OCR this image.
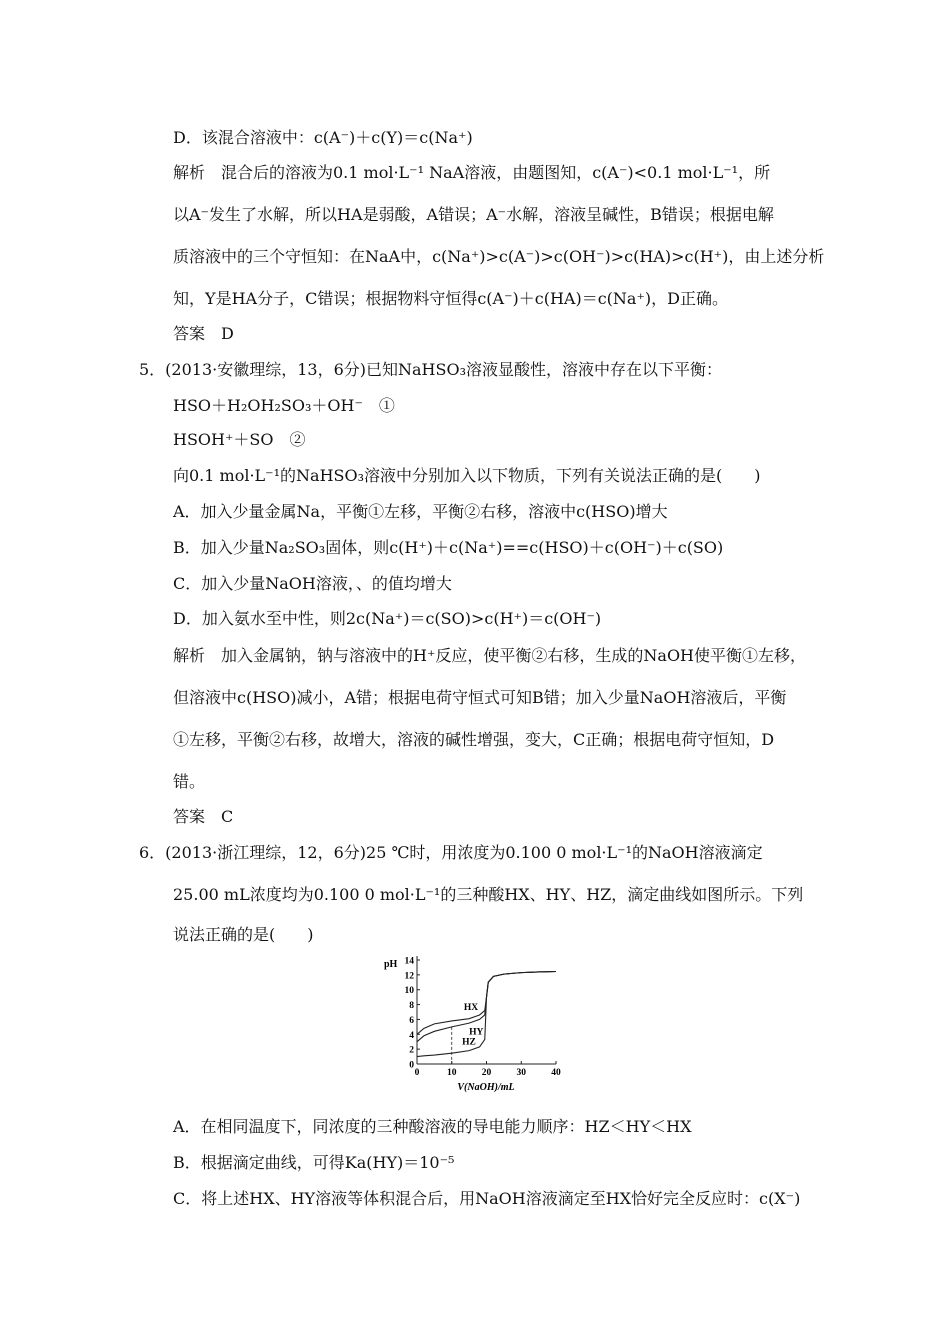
D．该混合溶液中：c(A⁻)＋c(Y)＝c(Na⁺)
解析　混合后的溶液为0.1 mol·L⁻¹ NaA溶液，由题图知，c(A⁻)<0.1 mol·L⁻¹，所
以A⁻发生了水解，所以HA是弱酸，A错误；A⁻水解，溶液呈碱性，B错误；根据电解
质溶液中的三个守恒知：在NaA中，c(Na⁺)>c(A⁻)>c(OH⁻)>c(HA)>c(H⁺)，由上述分析
知，Y是HA分子，C错误；根据物料守恒得c(A⁻)＋c(HA)＝c(Na⁺)，D正确。
答案　D
5．(2013·安徽理综，13，6分)已知NaHSO₃溶液显酸性，溶液中存在以下平衡：
HSO＋H₂OH₂SO₃＋OH⁻　①
HSOH⁺＋SO　②
向0.1 mol·L⁻¹的NaHSO₃溶液中分别加入以下物质，下列有关说法正确的是(　　)
A．加入少量金属Na，平衡①左移，平衡②右移，溶液中c(HSO)增大
B．加入少量Na₂SO₃固体，则c(H⁺)＋c(Na⁺)==c(HSO)＋c(OH⁻)＋c(SO)
C．加入少量NaOH溶液，、的值均增大
D．加入氨水至中性，则2c(Na⁺)＝c(SO)>c(H⁺)＝c(OH⁻)
解析　加入金属钠，钠与溶液中的H⁺反应，使平衡②右移，生成的NaOH使平衡①左移，
但溶液中c(HSO)减小，A错；根据电荷守恒式可知B错；加入少量NaOH溶液后，平衡
①左移，平衡②右移，故增大，溶液的碱性增强，变大，C正确；根据电荷守恒知，D
错。
答案　C
6．(2013·浙江理综，12，6分)25 ℃时，用浓度为0.100 0 mol·L⁻¹的NaOH溶液滴定
25.00 mL浓度均为0.100 0 mol·L⁻¹的三种酸HX、HY、HZ，滴定曲线如图所示。下列
说法正确的是(　　)
pH
V(NaOH)/mL
0
2
4
6
8
10
12
14
0	10	20	30	40
HX
HY
HZ
A．在相同温度下，同浓度的三种酸溶液的导电能力顺序：HZ＜HY＜HX
B．根据滴定曲线，可得Ka(HY)＝10⁻⁵
C．将上述HX、HY溶液等体积混合后，用NaOH溶液滴定至HX恰好完全反应时：c(X⁻)
